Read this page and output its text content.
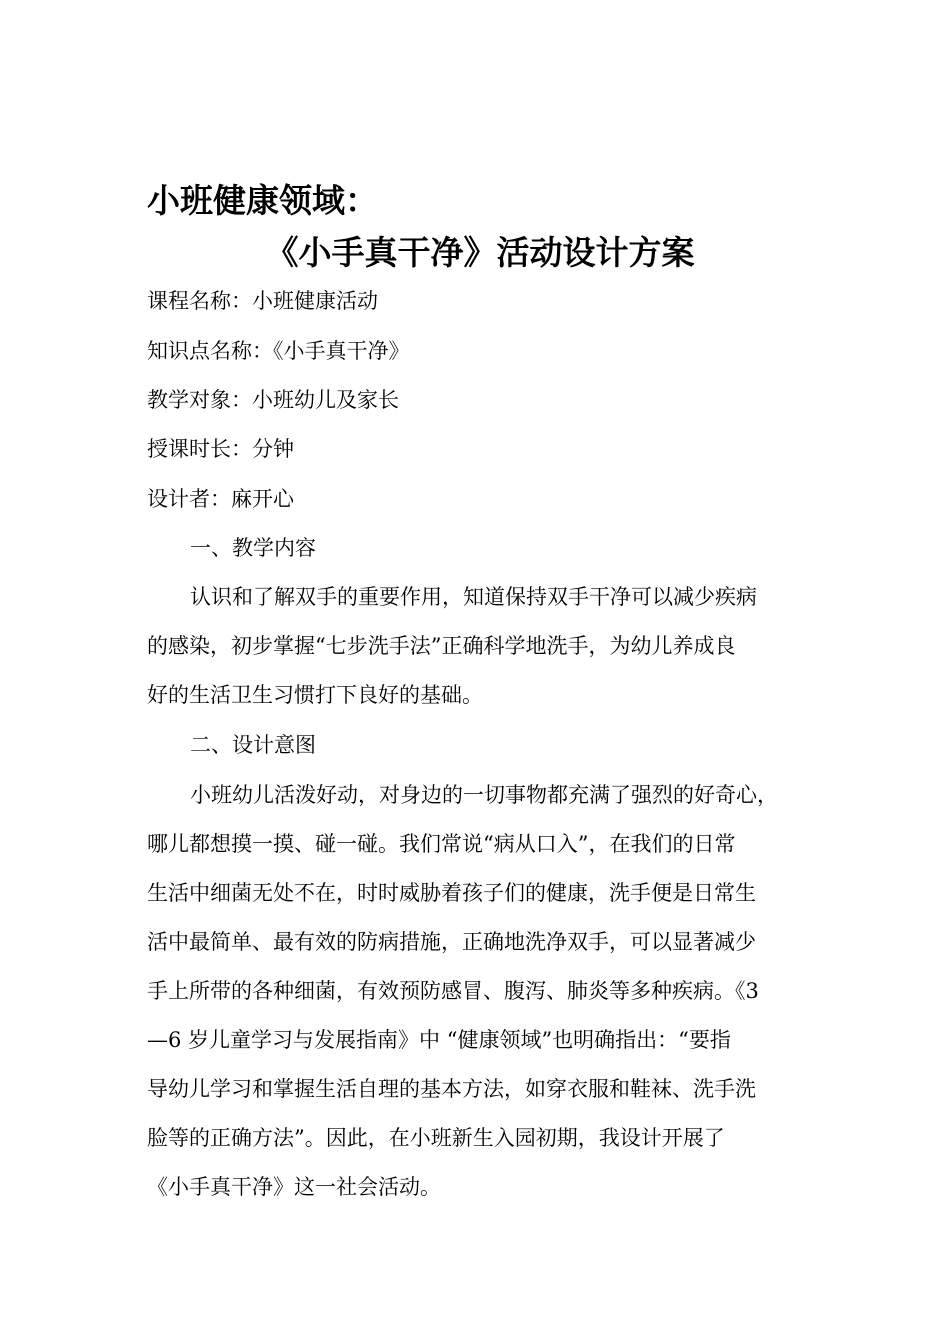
小班健康领域：
《小手真干净》活动设计方案
课程名称：小班健康活动
知识点名称：《小手真干净》
教学对象：小班幼儿及家长
授课时长：分钟
设计者：麻开心
一、教学内容
认识和了解双手的重要作用，知道保持双手干净可以减少疾病
的感染，初步掌握“七步洗手法”正确科学地洗手，为幼儿养成良
好的生活卫生习惯打下良好的基础。
二、设计意图
小班幼儿活泼好动，对身边的一切事物都充满了强烈的好奇心，
哪儿都想摸一摸、碰一碰。我们常说“病从口入”，在我们的日常
生活中细菌无处不在，时时威胁着孩子们的健康，洗手便是日常生
活中最简单、最有效的防病措施，正确地洗净双手，可以显著减少
手上所带的各种细菌，有效预防感冒、腹泻、肺炎等多种疾病。《3
—6 岁儿童学习与发展指南》中 “健康领域”也明确指出：“要指
导幼儿学习和掌握生活自理的基本方法，如穿衣服和鞋袜、洗手洗
脸等的正确方法”。因此，在小班新生入园初期，我设计开展了
《小手真干净》这一社会活动。
